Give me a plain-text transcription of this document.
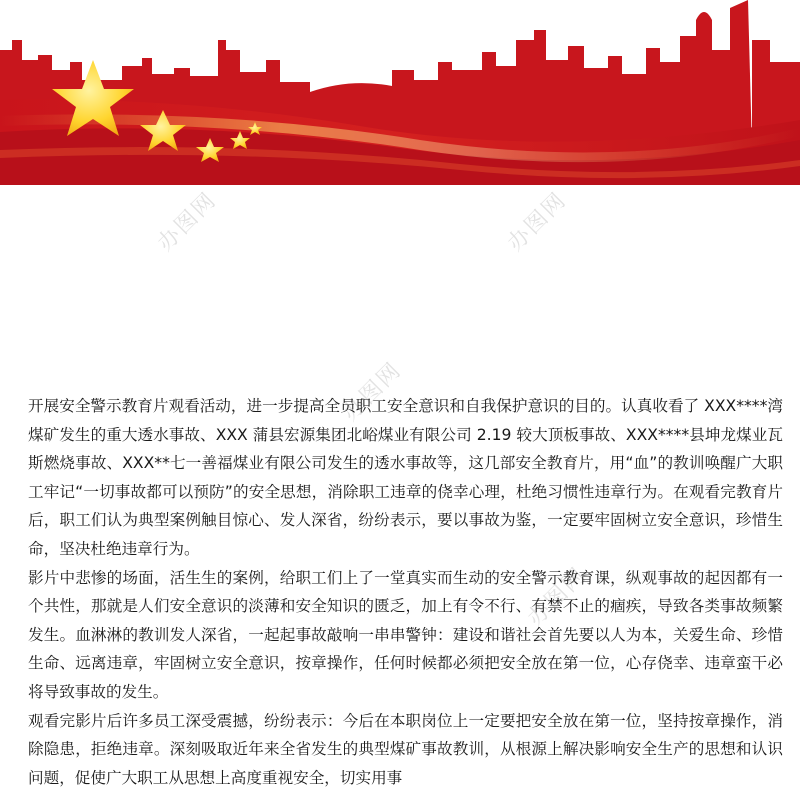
办图网	办图网
办图网
办图网

开展安全警示教育片观看活动，进一步提高全员职工安全意识和自我保护意识的目的。认真收看了 XXX****湾煤矿发生的重大透水事故、XXX 蒲县宏源集团北峪煤业有限公司 2.19 较大顶板事故、XXX****县坤龙煤业瓦斯燃烧事故、XXX**七一善福煤业有限公司发生的透水事故等，这几部安全教育片，用“血”的教训唤醒广大职工牢记“一切事故都可以预防”的安全思想，消除职工违章的侥幸心理，杜绝习惯性违章行为。在观看完教育片后，职工们认为典型案例触目惊心、发人深省，纷纷表示，要以事故为鉴，一定要牢固树立安全意识，珍惜生命，坚决杜绝违章行为。

影片中悲惨的场面，活生生的案例，给职工们上了一堂真实而生动的安全警示教育课，纵观事故的起因都有一个共性，那就是人们安全意识的淡薄和安全知识的匮乏，加上有令不行、有禁不止的痼疾，导致各类事故频繁发生。血淋淋的教训发人深省，一起起事故敲响一串串警钟：建设和谐社会首先要以人为本，关爱生命、珍惜生命、远离违章，牢固树立安全意识，按章操作，任何时候都必须把安全放在第一位，心存侥幸、违章蛮干必将导致事故的发生。

观看完影片后许多员工深受震撼，纷纷表示：今后在本职岗位上一定要把安全放在第一位，坚持按章操作，消除隐患，拒绝违章。深刻吸取近年来全省发生的典型煤矿事故教训，从根源上解决影响安全生产的思想和认识问题，促使广大职工从思想上高度重视安全，切实用事
